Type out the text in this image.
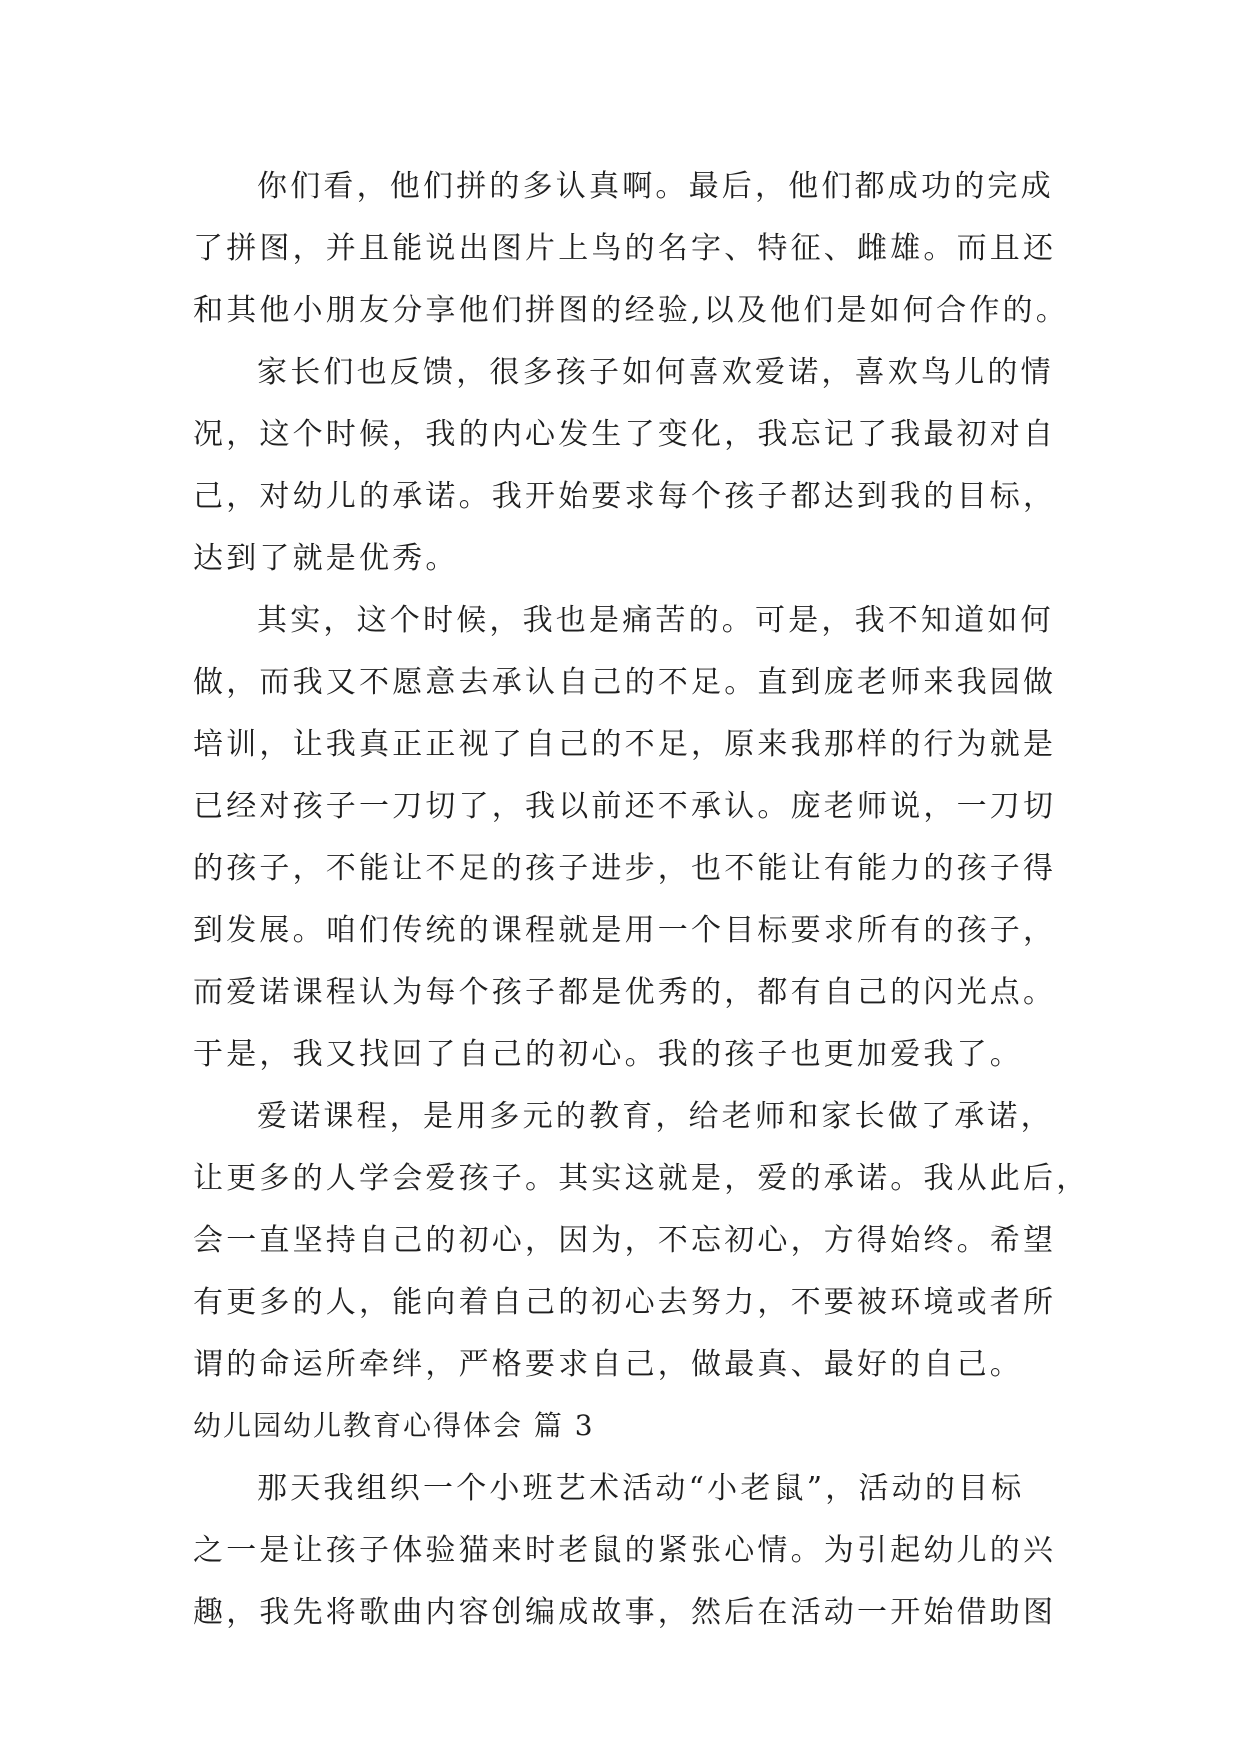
你们看，他们拼的多认真啊。最后，他们都成功的完成
了拼图，并且能说出图片上鸟的名字、特征、雌雄。而且还
和其他小朋友分享他们拼图的经验,以及他们是如何合作的。
家长们也反馈，很多孩子如何喜欢爱诺，喜欢鸟儿的情
况，这个时候，我的内心发生了变化，我忘记了我最初对自
己，对幼儿的承诺。我开始要求每个孩子都达到我的目标，
达到了就是优秀。
其实，这个时候，我也是痛苦的。可是，我不知道如何
做，而我又不愿意去承认自己的不足。直到庞老师来我园做
培训，让我真正正视了自己的不足，原来我那样的行为就是
已经对孩子一刀切了，我以前还不承认。庞老师说，一刀切
的孩子，不能让不足的孩子进步，也不能让有能力的孩子得
到发展。咱们传统的课程就是用一个目标要求所有的孩子，
而爱诺课程认为每个孩子都是优秀的，都有自己的闪光点。
于是，我又找回了自己的初心。我的孩子也更加爱我了。
爱诺课程，是用多元的教育，给老师和家长做了承诺，
让更多的人学会爱孩子。其实这就是，爱的承诺。我从此后，
会一直坚持自己的初心，因为，不忘初心，方得始终。希望
有更多的人，能向着自己的初心去努力，不要被环境或者所
谓的命运所牵绊，严格要求自己，做最真、最好的自己。
幼儿园幼儿教育心得体会 篇 3
那天我组织一个小班艺术活动“小老鼠”，活动的目标
之一是让孩子体验猫来时老鼠的紧张心情。为引起幼儿的兴
趣，我先将歌曲内容创编成故事，然后在活动一开始借助图
